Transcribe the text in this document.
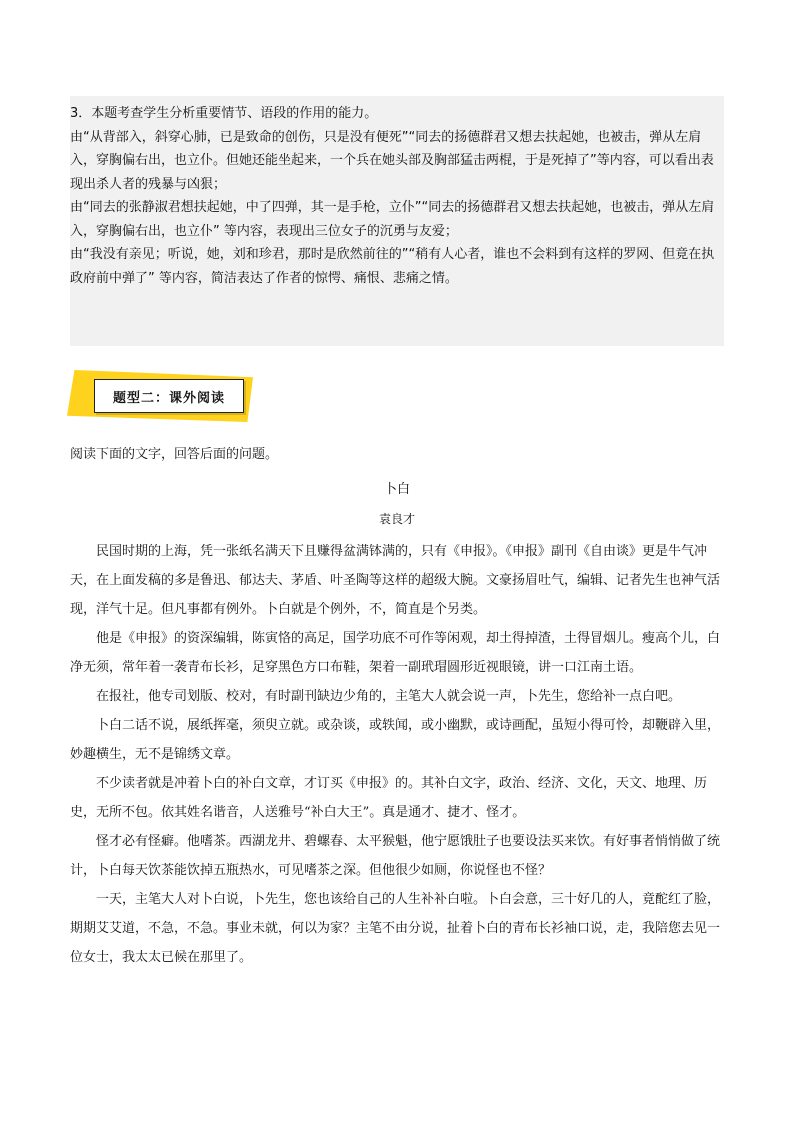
3．本题考查学生分析重要情节、语段的作用的能力。

由“从背部入，斜穿心肺，已是致命的创伤，只是没有便死”“同去的扬德群君又想去扶起她，也被击，弹从左肩入，穿胸偏右出，也立仆。但她还能坐起来，一个兵在她头部及胸部猛击两棍，于是死掉了”等内容，可以看出表现出杀人者的残暴与凶狠；

由“同去的张静淑君想扶起她，中了四弹，其一是手枪，立仆”“同去的扬德群君又想去扶起她，也被击，弹从左肩入，穿胸偏右出，也立仆” 等内容，表现出三位女子的沉勇与友爱；

由“我没有亲见；听说，她，刘和珍君，那时是欣然前往的”“稍有人心者，谁也不会料到有这样的罗网、但竟在执政府前中弹了” 等内容，简洁表达了作者的惊愕、痛恨、悲痛之情。

题型二：课外阅读

阅读下面的文字，回答后面的问题。

卜白

袁良才

民国时期的上海，凭一张纸名满天下且赚得盆满钵满的，只有《申报》。《申报》副刊《自由谈》更是牛气冲天，在上面发稿的多是鲁迅、郁达夫、茅盾、叶圣陶等这样的超级大腕。文豪扬眉吐气，编辑、记者先生也神气活现，洋气十足。但凡事都有例外。卜白就是个例外，不，简直是个另类。

他是《申报》的资深编辑，陈寅恪的高足，国学功底不可作等闲观，却土得掉渣，土得冒烟儿。瘦高个儿，白净无须，常年着一袭青布长衫，足穿黑色方口布鞋，架着一副玳瑁圆形近视眼镜，讲一口江南土语。

在报社，他专司划版、校对，有时副刊缺边少角的，主笔大人就会说一声，卜先生，您给补一点白吧。

卜白二话不说，展纸挥毫，须臾立就。或杂谈，或轶闻，或小幽默，或诗画配，虽短小得可怜，却鞭辟入里，妙趣横生，无不是锦绣文章。

不少读者就是冲着卜白的补白文章，才订买《申报》的。其补白文字，政治、经济、文化，天文、地理、历史，无所不包。依其姓名谐音，人送雅号“补白大王”。真是通才、捷才、怪才。

怪才必有怪癖。他嗜茶。西湖龙井、碧螺春、太平猴魁，他宁愿饿肚子也要设法买来饮。有好事者悄悄做了统计，卜白每天饮茶能饮掉五瓶热水，可见嗜茶之深。但他很少如厕，你说怪也不怪？

一天，主笔大人对卜白说，卜先生，您也该给自己的人生补补白啦。卜白会意，三十好几的人，竟酡红了脸，期期艾艾道，不急，不急。事业未就，何以为家？主笔不由分说，扯着卜白的青布长衫袖口说，走，我陪您去见一位女士，我太太已候在那里了。
